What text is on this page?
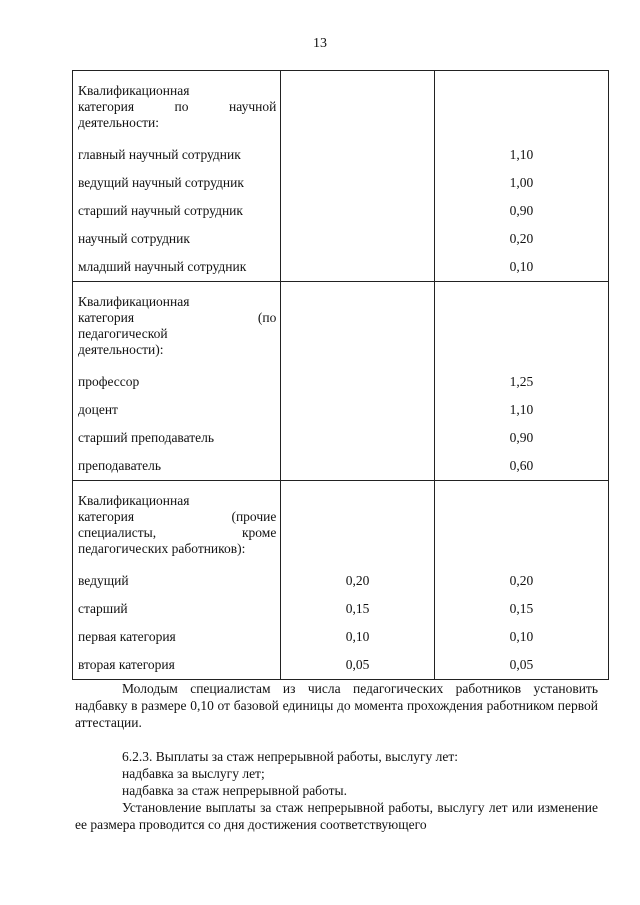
13
Квалификационная
категория по научной
деятельности:		

главный научный сотрудник		1,10

ведущий научный сотрудник		1,00

старший научный сотрудник		0,90

научный сотрудник		0,20

младший научный сотрудник		0,10

Квалификационная
категория (по
педагогической
деятельности):		

профессор		1,25

доцент		1,10

старший преподаватель		0,90

преподаватель		0,60

Квалификационная
категория (прочие
специалисты, кроме
педагогических работников):		

ведущий	0,20	0,20

старший	0,15	0,15

первая категория	0,10	0,10

вторая категория	0,05	0,05

Молодым специалистам из числа педагогических работников установить надбавку в размере 0,10 от базовой единицы до момента прохождения работником первой аттестации.

6.2.3. Выплаты за стаж непрерывной работы, выслугу лет:

надбавка за выслугу лет;

надбавка за стаж непрерывной работы.

Установление выплаты за стаж непрерывной работы, выслугу лет или изменение ее размера проводится со дня достижения соответствующего
